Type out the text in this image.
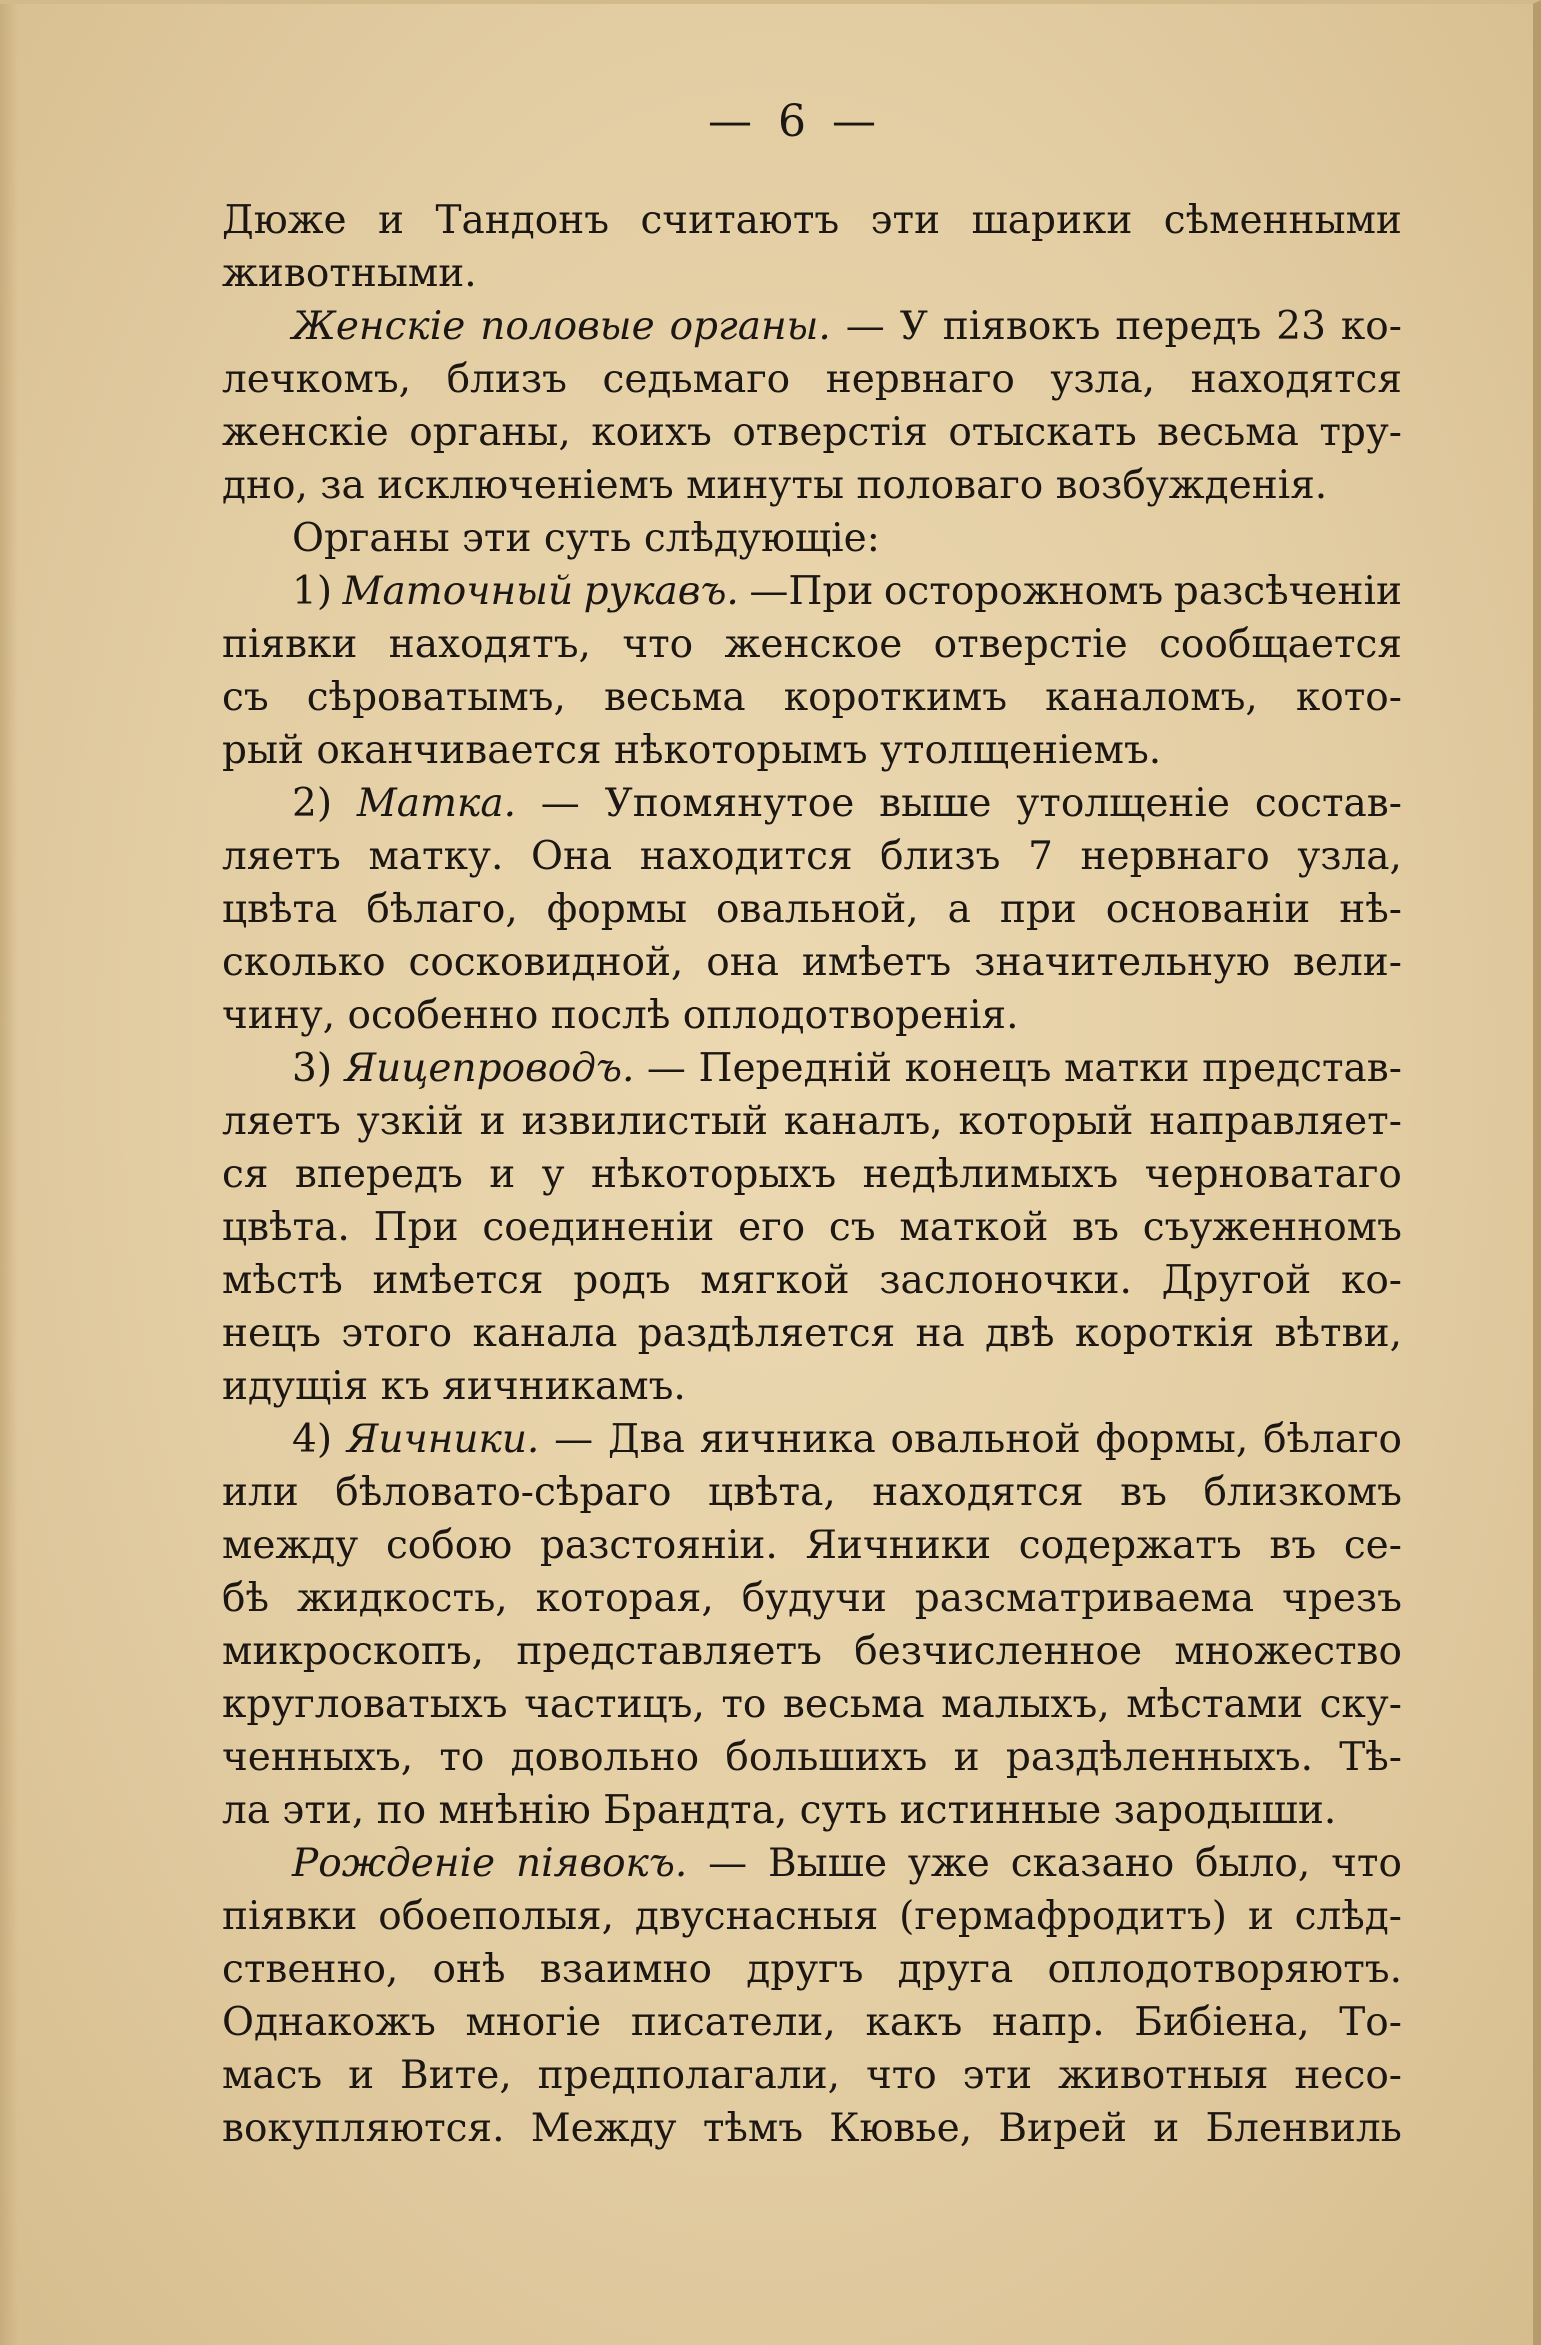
— 6 —
Дюже и Тандонъ считаютъ эти шарики сѣменными
животными.
Женскіе половые органы. — У піявокъ передъ 23 ко-
лечкомъ, близъ седьмаго нервнаго узла, находятся
женскіе органы, коихъ отверстія отыскать весьма тру-
дно, за исключеніемъ минуты половаго возбужденія.
Органы эти суть слѣдующіе:
1) Маточный рукавъ. —При осторожномъ разсѣченіи
піявки находятъ, что женское отверстіе сообщается
съ сѣроватымъ, весьма короткимъ каналомъ, кото-
рый оканчивается нѣкоторымъ утолщеніемъ.
2) Матка. — Упомянутое выше утолщеніе состав-
ляетъ матку. Она находится близъ 7 нервнаго узла,
цвѣта бѣлаго, формы овальной, а при основаніи нѣ-
сколько сосковидной, она имѣетъ значительную вели-
чину, особенно послѣ оплодотворенія.
3) Яицепроводъ. — Передній конецъ матки представ-
ляетъ узкій и извилистый каналъ, который направляет-
ся впередъ и у нѣкоторыхъ недѣлимыхъ черноватаго
цвѣта. При соединеніи его съ маткой въ съуженномъ
мѣстѣ имѣется родъ мягкой заслоночки. Другой ко-
нецъ этого канала раздѣляется на двѣ короткія вѣтви,
идущія къ яичникамъ.
4) Яичники. — Два яичника овальной формы, бѣлаго
или бѣловато-сѣраго цвѣта, находятся въ близкомъ
между собою разстояніи. Яичники содержатъ въ се-
бѣ жидкость, которая, будучи разсматриваема чрезъ
микроскопъ, представляетъ безчисленное множество
кругловатыхъ частицъ, то весьма малыхъ, мѣстами ску-
ченныхъ, то довольно большихъ и раздѣленныхъ. Тѣ-
ла эти, по мнѣнію Брандта, суть истинные зародыши.
Рожденіе піявокъ. — Выше уже сказано было, что
піявки обоеполыя, двуснасныя (гермафродитъ) и слѣд-
ственно, онѣ взаимно другъ друга оплодотворяютъ.
Однакожъ многіе писатели, какъ напр. Бибіена, То-
масъ и Вите, предполагали, что эти животныя несо-
вокупляются. Между тѣмъ Кювье, Вирей и Бленвиль
